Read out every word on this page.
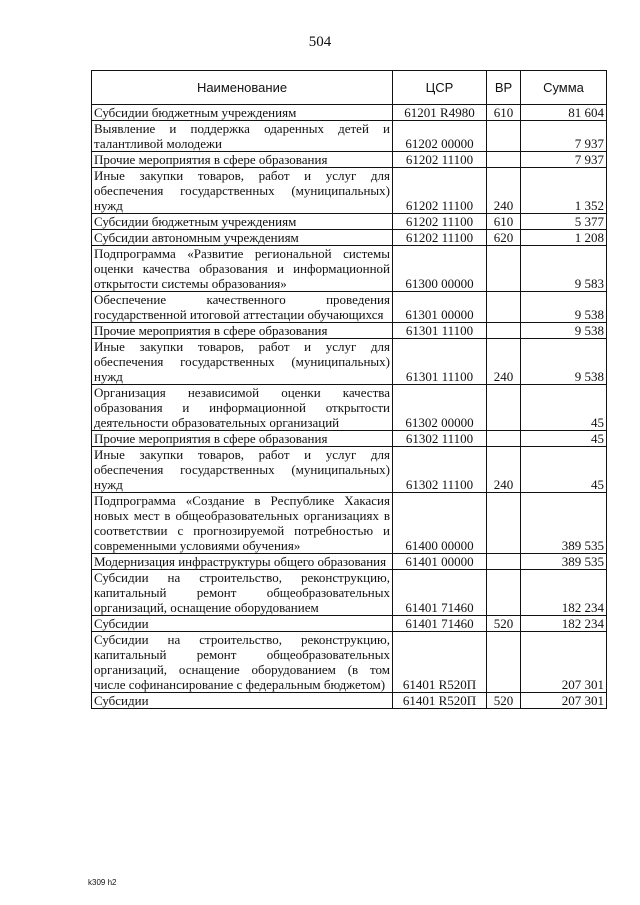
504
Наименование	ЦСР	ВР	Сумма
Субсидии бюджетным учреждениям	61201 R4980	610	81 604
Выявление и поддержка одаренных детей и талантливой молодежи	61202 00000		7 937
Прочие мероприятия в сфере образования	61202 11100		7 937
Иные закупки товаров, работ и услуг для обеспечения государственных (муниципальных) нужд	61202 11100	240	1 352
Субсидии бюджетным учреждениям	61202 11100	610	5 377
Субсидии автономным учреждениям	61202 11100	620	1 208
Подпрограмма «Развитие региональной системы оценки качества образования и информационной открытости системы образования»	61300 00000		9 583
Обеспечение качественного проведения государственной итоговой аттестации обучающихся	61301 00000		9 538
Прочие мероприятия в сфере образования	61301 11100		9 538
Иные закупки товаров, работ и услуг для обеспечения государственных (муниципальных) нужд	61301 11100	240	9 538
Организация независимой оценки качества образования и информационной открытости деятельности образовательных организаций	61302 00000		45
Прочие мероприятия в сфере образования	61302 11100		45
Иные закупки товаров, работ и услуг для обеспечения государственных (муниципальных) нужд	61302 11100	240	45
Подпрограмма «Создание в Республике Хакасия новых мест в общеобразовательных организациях в соответствии с прогнозируемой потребностью и современными условиями обучения»	61400 00000		389 535
Модернизация инфраструктуры общего образования	61401 00000		389 535
Субсидии на строительство, реконструкцию, капитальный ремонт общеобразовательных организаций, оснащение оборудованием	61401 71460		182 234
Субсидии	61401 71460	520	182 234
Субсидии на строительство, реконструкцию, капитальный ремонт общеобразовательных организаций, оснащение оборудованием (в том числе софинансирование с федеральным бюджетом)	61401 R520П		207 301
Субсидии	61401 R520П	520	207 301
k309 h2
